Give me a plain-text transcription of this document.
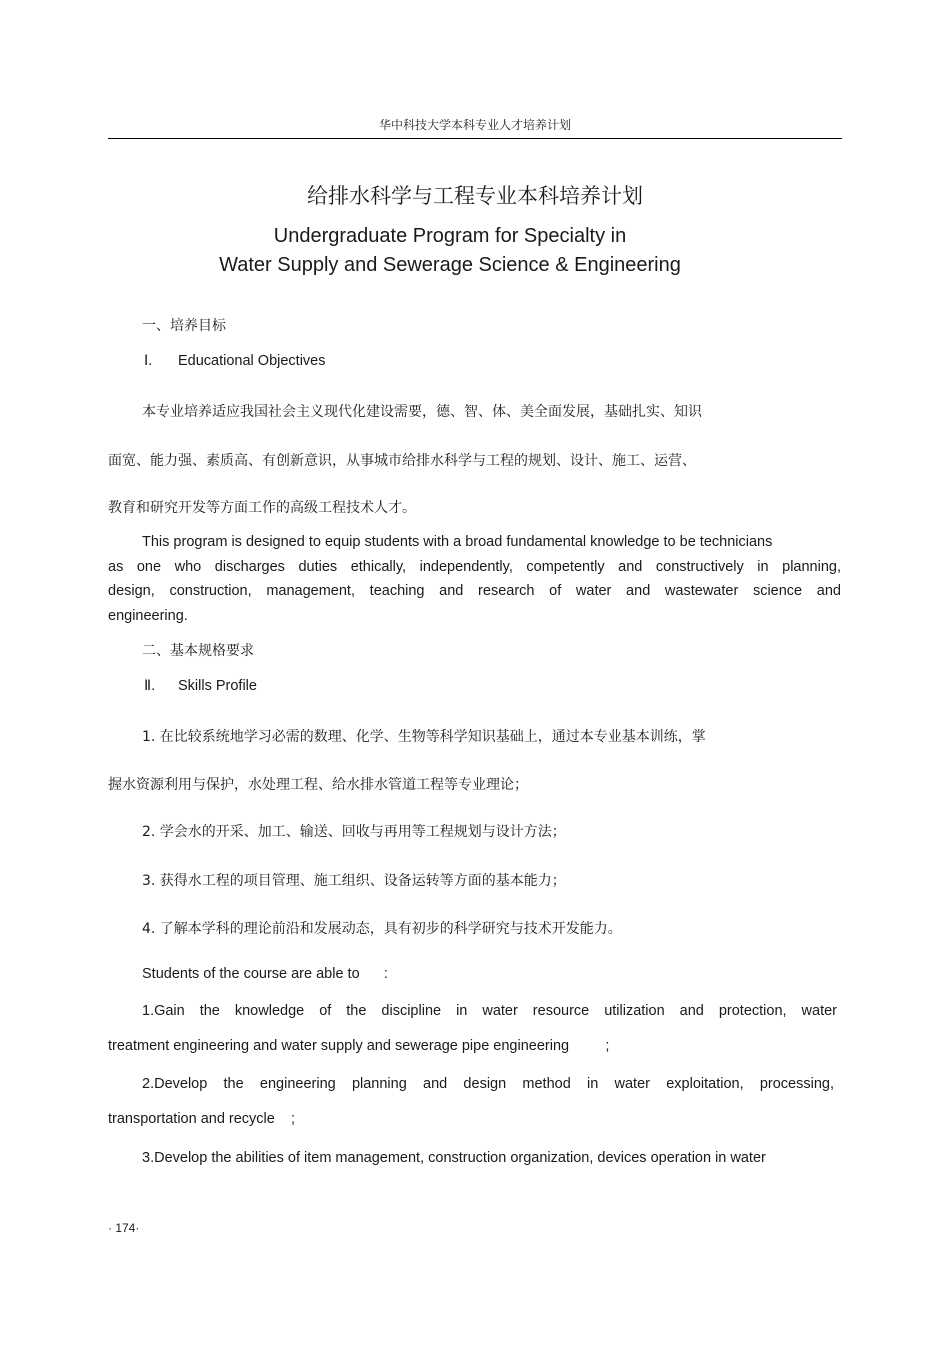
华中科技大学本科专业人才培养计划
给排水科学与工程专业本科培养计划
Undergraduate Program for Specialty in
Water Supply and Sewerage Science & Engineering
一、培养目标
Ⅰ. Educational Objectives
本专业培养适应我国社会主义现代化建设需要，德、智、体、美全面发展，基础扎实、知识
面宽、能力强、素质高、有创新意识，从事城市给排水科学与工程的规划、设计、施工、运营、
教育和研究开发等方面工作的高级工程技术人才。
This program is designed to equip students with a broad fundamental knowledge to be technicians
as one who discharges duties ethically, independently, competently and constructively in planning,
design, construction, management, teaching and research of water and wastewater science and
engineering.
二、基本规格要求
Ⅱ. Skills Profile
1. 在比较系统地学习必需的数理、化学、生物等科学知识基础上，通过本专业基本训练，掌
握水资源利用与保护，水处理工程、给水排水管道工程等专业理论；
2. 学会水的开采、加工、输送、回收与再用等工程规划与设计方法；
3. 获得水工程的项目管理、施工组织、设备运转等方面的基本能力；
4. 了解本学科的理论前沿和发展动态，具有初步的科学研究与技术开发能力。
Students of the course are able to      :
1.Gain the knowledge of the discipline in water resource utilization and protection, water
treatment engineering and water supply and sewerage pipe engineering         ;
2.Develop the engineering planning and design method in water exploitation, processing,
transportation and recycle    ;
3.Develop the abilities of item management, construction organization, devices operation in water
· 174·
